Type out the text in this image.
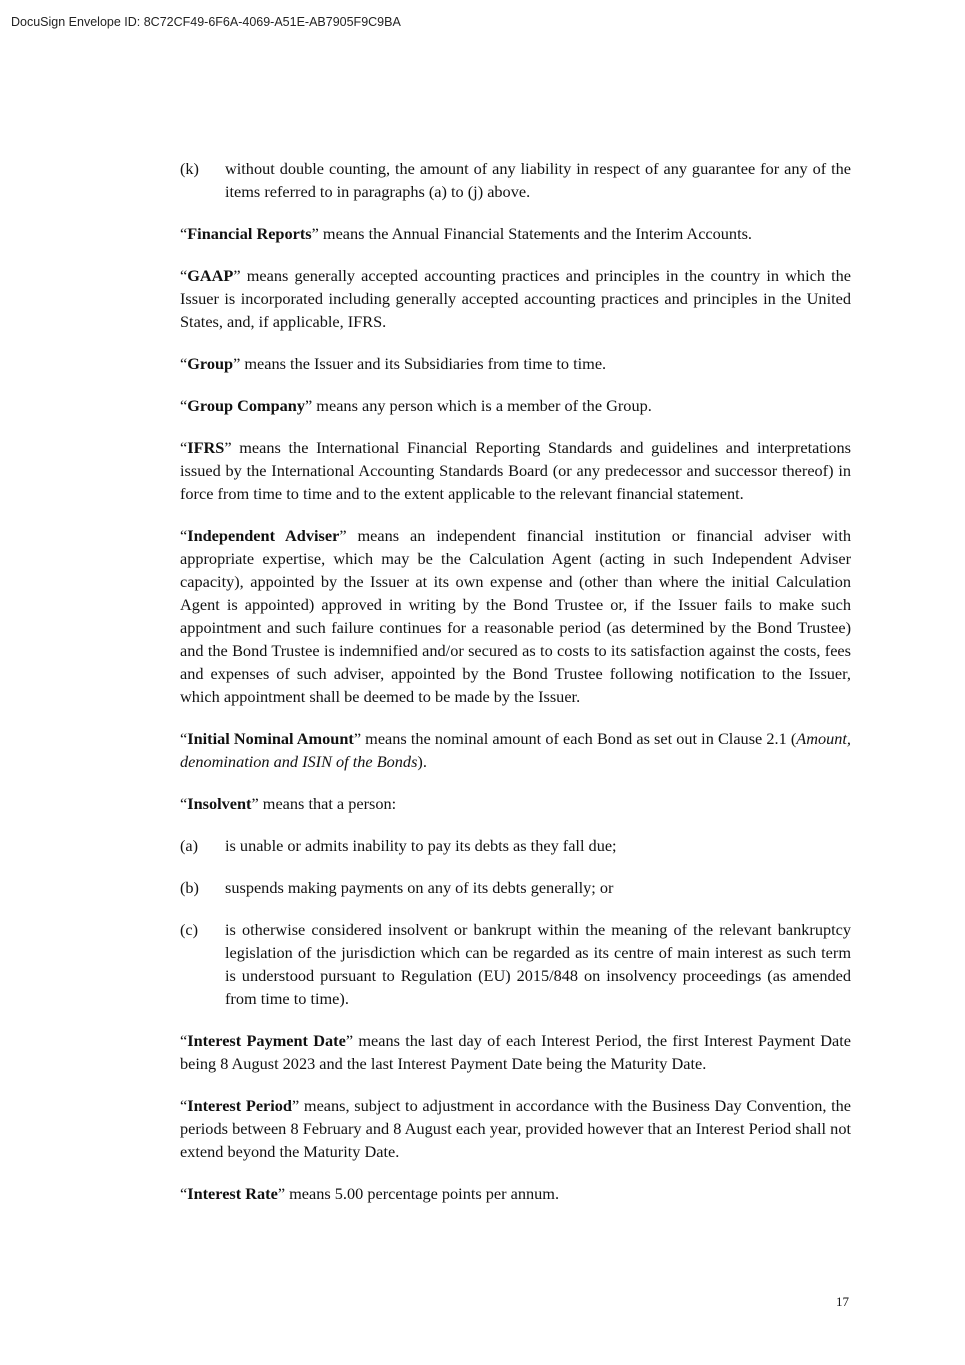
DocuSign Envelope ID: 8C72CF49-6F6A-4069-A51E-AB7905F9C9BA
(k)	without double counting, the amount of any liability in respect of any guarantee for any of the items referred to in paragraphs (a) to (j) above.

“Financial Reports” means the Annual Financial Statements and the Interim Accounts.

“GAAP” means generally accepted accounting practices and principles in the country in which the Issuer is incorporated including generally accepted accounting practices and principles in the United States, and, if applicable, IFRS.

“Group” means the Issuer and its Subsidiaries from time to time.

“Group Company” means any person which is a member of the Group.

“IFRS” means the International Financial Reporting Standards and guidelines and interpretations issued by the International Accounting Standards Board (or any predecessor and successor thereof) in force from time to time and to the extent applicable to the relevant financial statement.

“Independent Adviser” means an independent financial institution or financial adviser with appropriate expertise, which may be the Calculation Agent (acting in such Independent Adviser capacity), appointed by the Issuer at its own expense and (other than where the initial Calculation Agent is appointed) approved in writing by the Bond Trustee or, if the Issuer fails to make such appointment and such failure continues for a reasonable period (as determined by the Bond Trustee) and the Bond Trustee is indemnified and/or secured as to costs to its satisfaction against the costs, fees and expenses of such adviser, appointed by the Bond Trustee following notification to the Issuer, which appointment shall be deemed to be made by the Issuer.

“Initial Nominal Amount” means the nominal amount of each Bond as set out in Clause 2.1 (Amount, denomination and ISIN of the Bonds).

“Insolvent” means that a person:

(a)	is unable or admits inability to pay its debts as they fall due;
(b)	suspends making payments on any of its debts generally; or
(c)	is otherwise considered insolvent or bankrupt within the meaning of the relevant bankruptcy legislation of the jurisdiction which can be regarded as its centre of main interest as such term is understood pursuant to Regulation (EU) 2015/848 on insolvency proceedings (as amended from time to time).

“Interest Payment Date” means the last day of each Interest Period, the first Interest Payment Date being 8 August 2023 and the last Interest Payment Date being the Maturity Date.

“Interest Period” means, subject to adjustment in accordance with the Business Day Convention, the periods between 8 February and 8 August each year, provided however that an Interest Period shall not extend beyond the Maturity Date.

“Interest Rate” means 5.00 percentage points per annum.

17
